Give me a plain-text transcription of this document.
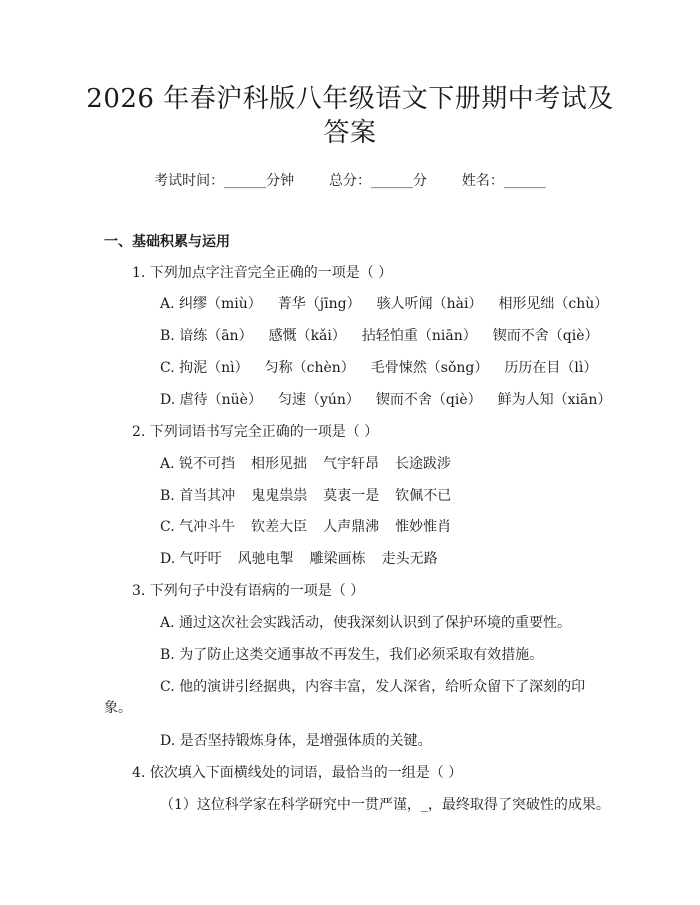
2026 年春沪科版八年级语文下册期中考试及
答案
考试时间：______分钟 总分：______分 姓名：______
一、基础积累与运用
1. 下列加点字注音完全正确的一项是（ ）
A. 纠缪（miù） 菁华（jīng） 骇人听闻（hài） 相形见绌（chù）
B. 谙练（ān） 感慨（kǎi） 拈轻怕重（niān） 锲而不舍（qiè）
C. 拘泥（nì） 匀称（chèn） 毛骨悚然（sǒng） 历历在目（lì）
D. 虐待（nüè） 匀速（yún） 锲而不舍（qiè） 鲜为人知（xiān）
2. 下列词语书写完全正确的一项是（ ）
A. 锐不可挡 相形见拙 气宇轩昂 长途跋涉
B. 首当其冲 鬼鬼祟祟 莫衷一是 钦佩不已
C. 气冲斗牛 钦差大臣 人声鼎沸 惟妙惟肖
D. 气吁吁 风驰电掣 雕梁画栋 走头无路
3. 下列句子中没有语病的一项是（ ）
A. 通过这次社会实践活动，使我深刻认识到了保护环境的重要性。
B. 为了防止这类交通事故不再发生，我们必须采取有效措施。
C. 他的演讲引经据典，内容丰富，发人深省，给听众留下了深刻的印
象。
D. 是否坚持锻炼身体，是增强体质的关键。
4. 依次填入下面横线处的词语，最恰当的一组是（ ）
（1）这位科学家在科学研究中一贯严谨，_，最终取得了突破性的成果。
